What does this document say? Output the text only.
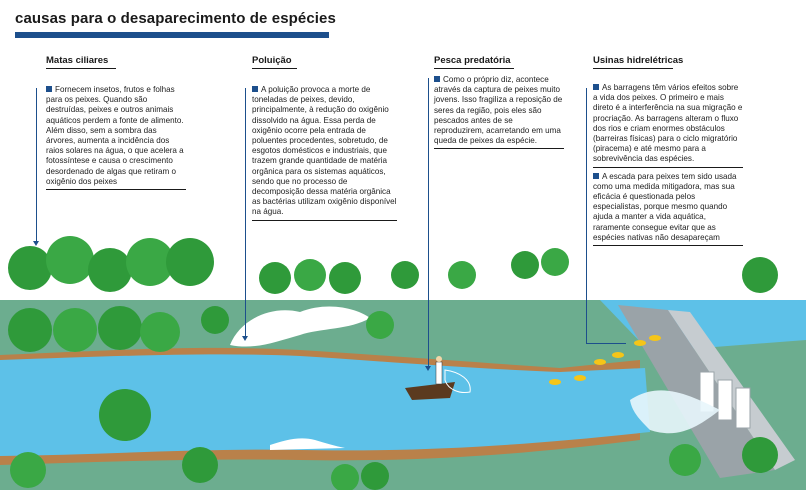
causas para o desaparecimento de espécies
Matas ciliares

Fornecem insetos, frutos e folhas para os peixes. Quando são destruídas, peixes e outros animais aquáticos perdem a fonte de alimento. Além disso, sem a sombra das árvores, aumenta a incidência dos raios solares na água, o que acelera a fotossíntese e causa o crescimento desordenado de algas que retiram o oxigênio dos peixes

Poluição

A poluição provoca a morte de toneladas de peixes, devido, principalmente, à redução do oxigênio dissolvido na água. Essa perda de oxigênio ocorre pela entrada de poluentes procedentes, sobretudo, de esgotos domésticos e industriais, que trazem grande quantidade de matéria orgânica para os sistemas aquáticos, sendo que no processo de decomposição dessa matéria orgânica as bactérias utilizam oxigênio disponível na água.

Pesca predatória

Como o próprio diz, acontece através da captura de peixes muito jovens. Isso fragiliza a reposição de seres da região, pois eles são pescados antes de se reproduzirem, acarretando em uma queda de peixes da espécie.

Usinas hidrelétricas

As barragens têm vários efeitos sobre a vida dos peixes. O primeiro e mais direto é a interferência na sua migração e procriação. As barragens alteram o fluxo dos rios e criam enormes obstáculos (barreiras físicas) para o ciclo migratório (piracema) e até mesmo para a sobrevivência das espécies.

A escada para peixes tem sido usada como uma medida mitigadora, mas sua eficácia é questionada pelos especialistas, porque mesmo quando ajuda a manter a vida aquática, raramente consegue evitar que as espécies nativas não desapareçam
